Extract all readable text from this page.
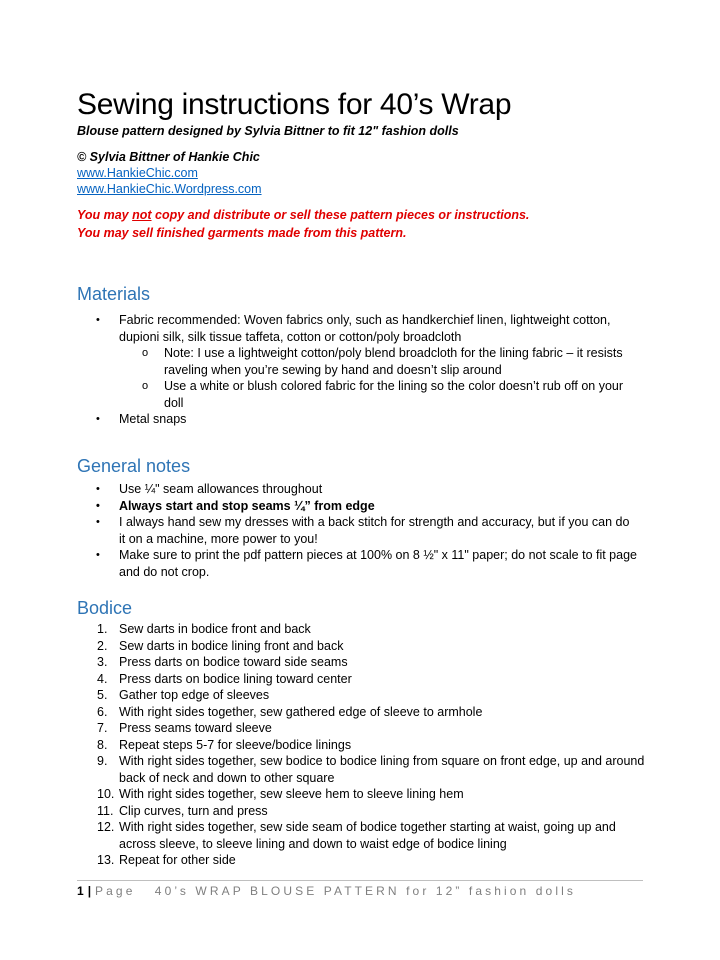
Sewing instructions for 40’s Wrap
Blouse pattern designed by Sylvia Bittner to fit 12" fashion dolls
© Sylvia Bittner of Hankie Chic
www.HankieChic.com
www.HankieChic.Wordpress.com
You may not copy and distribute or sell these pattern pieces or instructions.
You may sell finished garments made from this pattern.
Materials
• Fabric recommended: Woven fabrics only, such as handkerchief linen, lightweight cotton, dupioni silk, silk tissue taffeta, cotton or cotton/poly broadcloth
o Note: I use a lightweight cotton/poly blend broadcloth for the lining fabric – it resists raveling when you’re sewing by hand and doesn’t slip around
o Use a white or blush colored fabric for the lining so the color doesn’t rub off on your doll
• Metal snaps
General notes
• Use ¼" seam allowances throughout
• Always start and stop seams ¼” from edge
• I always hand sew my dresses with a back stitch for strength and accuracy, but if you can do it on a machine, more power to you!
• Make sure to print the pdf pattern pieces at 100% on 8 ½" x 11" paper; do not scale to fit page and do not crop.
Bodice
1. Sew darts in bodice front and back
2. Sew darts in bodice lining front and back
3. Press darts on bodice toward side seams
4. Press darts on bodice lining toward center
5. Gather top edge of sleeves
6. With right sides together, sew gathered edge of sleeve to armhole
7. Press seams toward sleeve
8. Repeat steps 5-7 for sleeve/bodice linings
9. With right sides together, sew bodice to bodice lining from square on front edge, up and around back of neck and down to other square
10. With right sides together, sew sleeve hem to sleeve lining hem
11. Clip curves, turn and press
12. With right sides together, sew side seam of bodice together starting at waist, going up and across sleeve, to sleeve lining and down to waist edge of bodice lining
13. Repeat for other side
1 | Page 40’s WRAP BLOUSE PATTERN for 12” fashion dolls
